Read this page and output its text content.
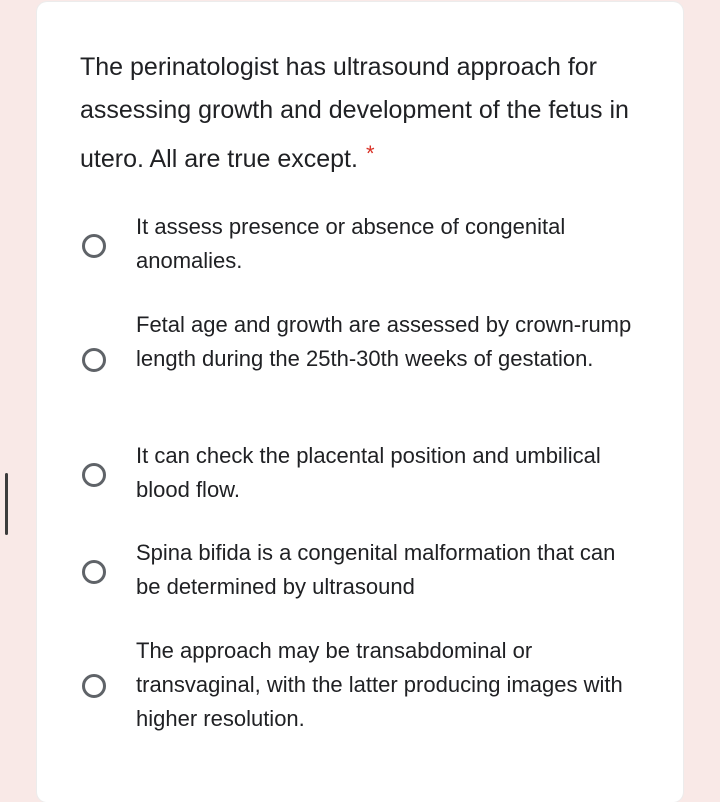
The perinatologist has ultrasound approach for assessing growth and development of the fetus in utero. All are true except. *
It assess presence or absence of congenital anomalies.
Fetal age and growth are assessed by crown-rump length during the 25th-30th weeks of gestation.
It can check the placental position and umbilical blood flow.
Spina bifida is a congenital malformation that can be determined by ultrasound
The approach may be transabdominal or transvaginal, with the latter producing images with higher resolution.
